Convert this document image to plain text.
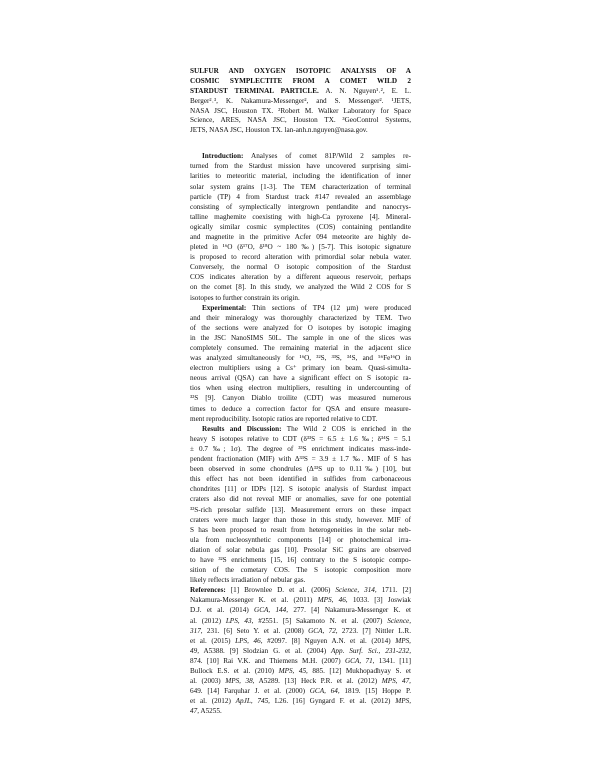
SULFUR AND OXYGEN ISOTOPIC ANALYSIS OF A
COSMIC SYMPLECTITE FROM A COMET WILD 2
STARDUST TERMINAL PARTICLE. A. N. Nguyen¹˒², E. L.
Berger²˒³, K. Nakamura-Messenger², and S. Messenger². ¹JETS,
NASA JSC, Houston TX. ²Robert M. Walker Laboratory for Space
Science, ARES, NASA JSC, Houston TX. ³GeoControl Systems,
JETS, NASA JSC, Houston TX. lan-anh.n.nguyen@nasa.gov.
Introduction: Analyses of comet 81P/Wild 2 samples re-
turned from the Stardust mission have uncovered surprising simi-
larities to meteoritic material, including the identification of inner
solar system grains [1-3]. The TEM characterization of terminal
particle (TP) 4 from Stardust track #147 revealed an assemblage
consisting of symplectically intergrown pentlandite and nanocrys-
talline maghemite coexisting with high-Ca pyroxene [4]. Mineral-
ogically similar cosmic symplectites (COS) containing pentlandite
and magnetite in the primitive Acfer 094 meteorite are highly de-
pleted in ¹⁶O (δ¹⁷O, δ¹⁸O ~ 180 ‰) [5-7]. This isotopic signature
is proposed to record alteration with primordial solar nebula water.
Conversely, the normal O isotopic composition of the Stardust
COS indicates alteration by a different aqueous reservoir, perhaps
on the comet [8]. In this study, we analyzed the Wild 2 COS for S
isotopes to further constrain its origin.
Experimental: Thin sections of TP4 (12 µm) were produced
and their mineralogy was thoroughly characterized by TEM. Two
of the sections were analyzed for O isotopes by isotopic imaging
in the JSC NanoSIMS 50L. The sample in one of the slices was
completely consumed. The remaining material in the adjacent slice
was analyzed simultaneously for ¹⁶O, ³²S, ³³S, ³⁴S, and ⁵⁶Fe¹⁶O in
electron multipliers using a Cs⁺ primary ion beam. Quasi-simulta-
neous arrival (QSA) can have a significant effect on S isotopic ra-
tios when using electron multipliers, resulting in undercounting of
³²S [9]. Canyon Diablo troilite (CDT) was measured numerous
times to deduce a correction factor for QSA and ensure measure-
ment reproducibility. Isotopic ratios are reported relative to CDT.
Results and Discussion: The Wild 2 COS is enriched in the
heavy S isotopes relative to CDT (δ³³S = 6.5 ± 1.6 ‰; δ³⁴S = 5.1
± 0.7 ‰; 1σ). The degree of ³³S enrichment indicates mass-inde-
pendent fractionation (MIF) with Δ³³S = 3.9 ± 1.7 ‰. MIF of S has
been observed in some chondrules (Δ³³S up to 0.11‰) [10], but
this effect has not been identified in sulfides from carbonaceous
chondrites [11] or IDPs [12]. S isotopic analysis of Stardust impact
craters also did not reveal MIF or anomalies, save for one potential
³²S-rich presolar sulfide [13]. Measurement errors on these impact
craters were much larger than those in this study, however. MIF of
S has been proposed to result from heterogeneities in the solar neb-
ula from nucleosynthetic components [14] or photochemical irra-
diation of solar nebula gas [10]. Presolar SiC grains are observed
to have ³²S enrichments [15, 16] contrary to the S isotopic compo-
sition of the cometary COS. The S isotopic composition more
likely reflects irradiation of nebular gas.
References: [1] Brownlee D. et al. (2006) Science, 314, 1711. [2]
Nakamura-Messenger K. et al. (2011) MPS, 46, 1033. [3] Joswiak
D.J. et al. (2014) GCA, 144, 277. [4] Nakamura-Messenger K. et
al. (2012) LPS, 43, #2551. [5] Sakamoto N. et al. (2007) Science,
317, 231. [6] Seto Y. et al. (2008) GCA, 72, 2723. [7] Nittler L.R.
et al. (2015) LPS, 46, #2097. [8] Nguyen A.N. et al. (2014) MPS,
49, A5388. [9] Slodzian G. et al. (2004) App. Surf. Sci., 231-232,
874. [10] Rai V.K. and Thiemens M.H. (2007) GCA, 71, 1341. [11]
Bullock E.S. et al. (2010) MPS, 45, 885. [12] Mukhopadhyay S. et
al. (2003) MPS, 38, A5289. [13] Heck P.R. et al. (2012) MPS, 47,
649. [14] Farquhar J. et al. (2000) GCA, 64, 1819. [15] Hoppe P.
et al. (2012) ApJL, 745, L26. [16] Gyngard F. et al. (2012) MPS,
47, A5255.
